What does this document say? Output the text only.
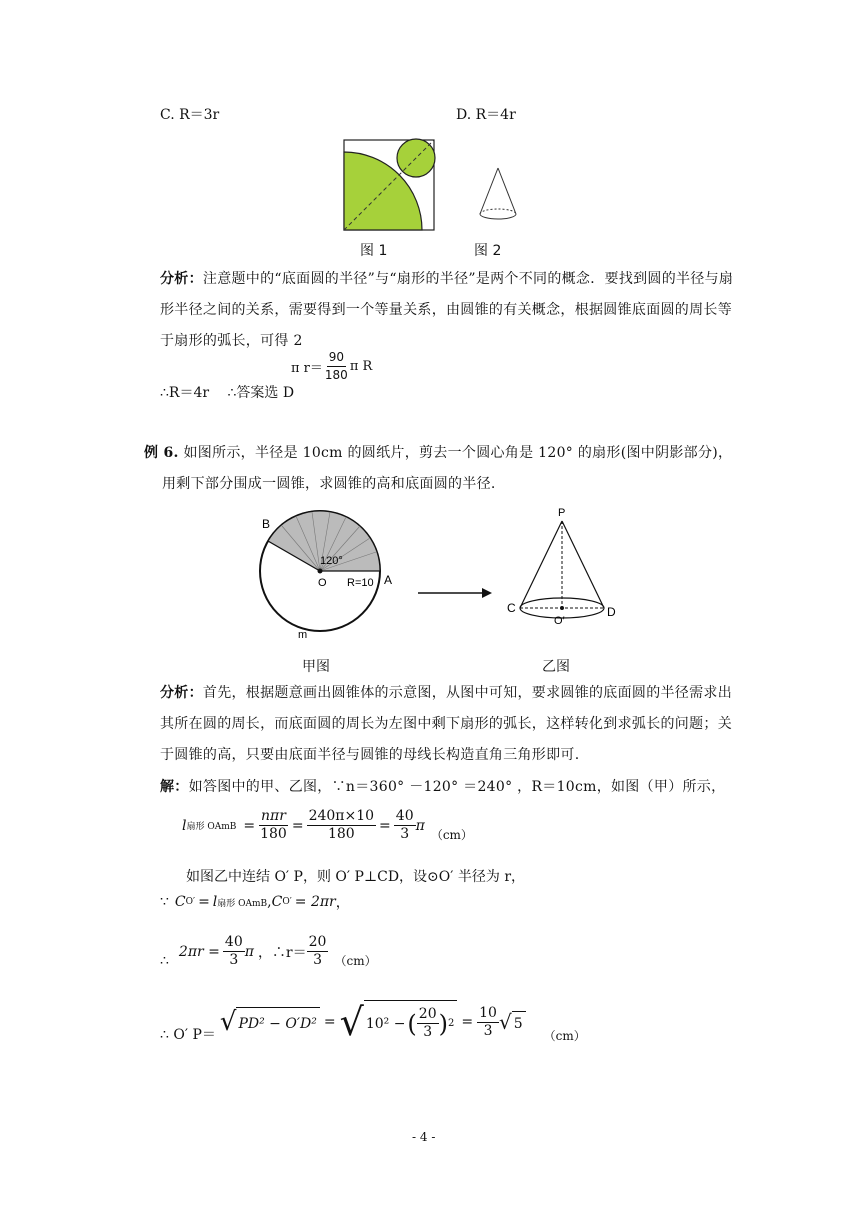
C. R＝3r	D. R＝4r
图 1	图 2
分析：注意题中的“底面圆的半径”与“扇形的半径”是两个不同的概念．要找到圆的半径与扇形半径之间的关系，需要得到一个等量关系，由圆锥的有关概念，根据圆锥底面圆的周长等于扇形的弧长，可得 2
π $r= \frac{90}{180}$ π R
∴R＝4r　 ∴答案选 D
例 6. 如图所示，半径是 10cm 的圆纸片，剪去一个圆心角是 120° 的扇形(图中阴影部分)，用剩下部分围成一圆锥，求圆锥的高和底面圆的半径.
B
O	A
m
120°
R=10
P
C	D
O′
甲图	乙图
分析：首先，根据题意画出圆锥体的示意图，从图中可知，要求圆锥的底面圆的半径需求出其所在圆的周长，而底面圆的周长为左图中剩下扇形的弧长，这样转化到求弧长的问题；关于圆锥的高，只要由底面半径与圆锥的母线长构造直角三角形即可.
解：如答图中的甲、乙图，∵n＝360° －120° ＝240° ，R＝10cm，如图（甲）所示，
l 扇形 OAmB = $\frac{\text{nπr}}{180} = \frac{240\pi\times 10}{180} = \frac{40}{3}$ π
（cm）
如图乙中连结 O′ P，则 O′ P⊥CD，设⊙O′ 半径为 r，
∵ C O′ = l 扇形 OAmB , C O′ = 2πr ，
∴
$2\pi r = \frac{40}{3}$ π ，∴r＝ $\frac{20}{3} (cm)$
∴ O′ P＝ √ PD² − O′D² = √ 10² − ( $\frac{20}{3}$ ) $2 = \frac{10}{3}$ √ 5
（cm）
- 4 -
